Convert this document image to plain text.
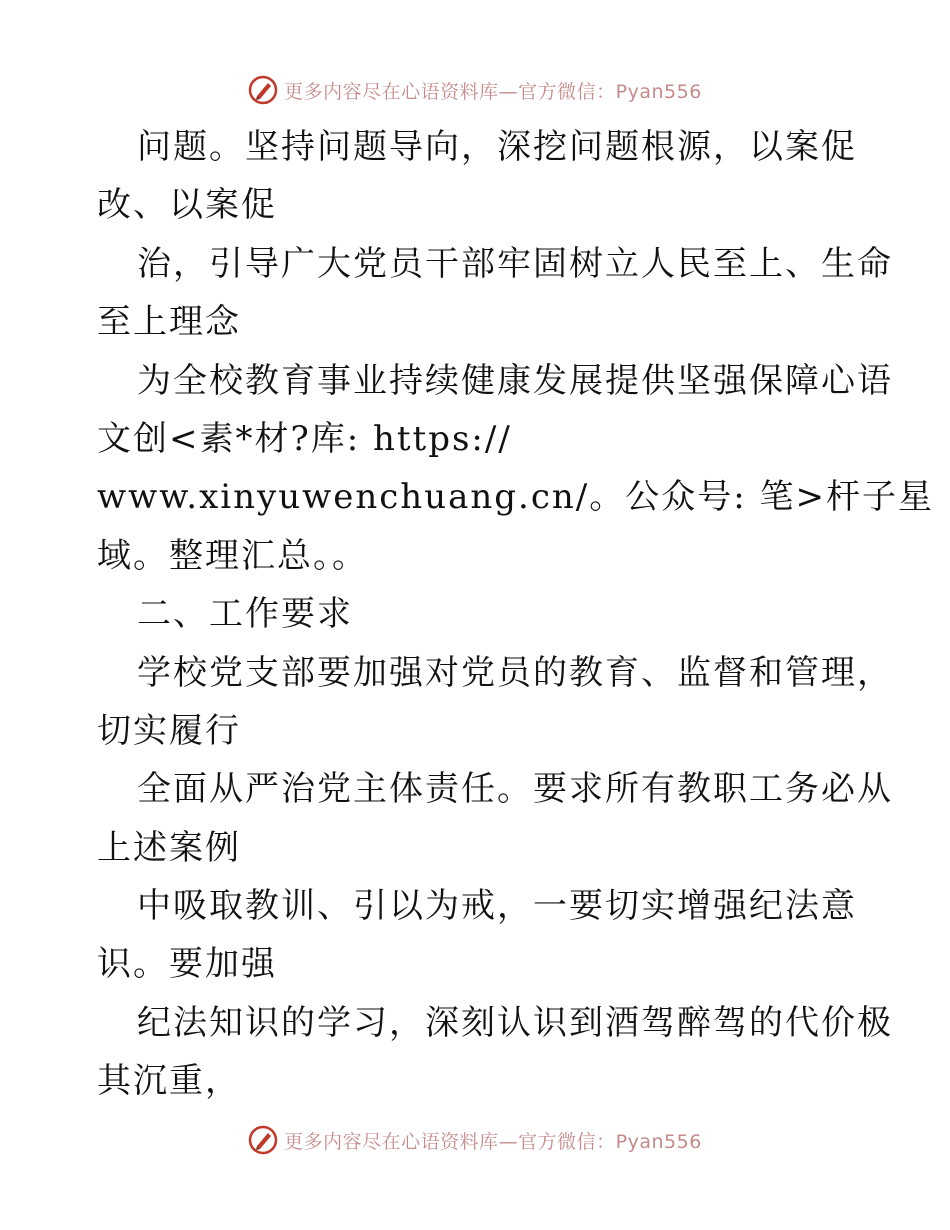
更多内容尽在心语资料库—官方微信：Pyan556
问题。坚持问题导向，深挖问题根源，以案促
改、以案促
治，引导广大党员干部牢固树立人民至上、生命
至上理念
为全校教育事业持续健康发展提供坚强保障心语
文创<素*材?库: https://
www.xinyuwenchuang.cn/。公众号: 笔>杆子星
域。整理汇总。。
二、工作要求
学校党支部要加强对党员的教育、监督和管理，
切实履行
全面从严治党主体责任。要求所有教职工务必从
上述案例
中吸取教训、引以为戒，一要切实增强纪法意
识。要加强
纪法知识的学习，深刻认识到酒驾醉驾的代价极
其沉重，
更多内容尽在心语资料库—官方微信：Pyan556
